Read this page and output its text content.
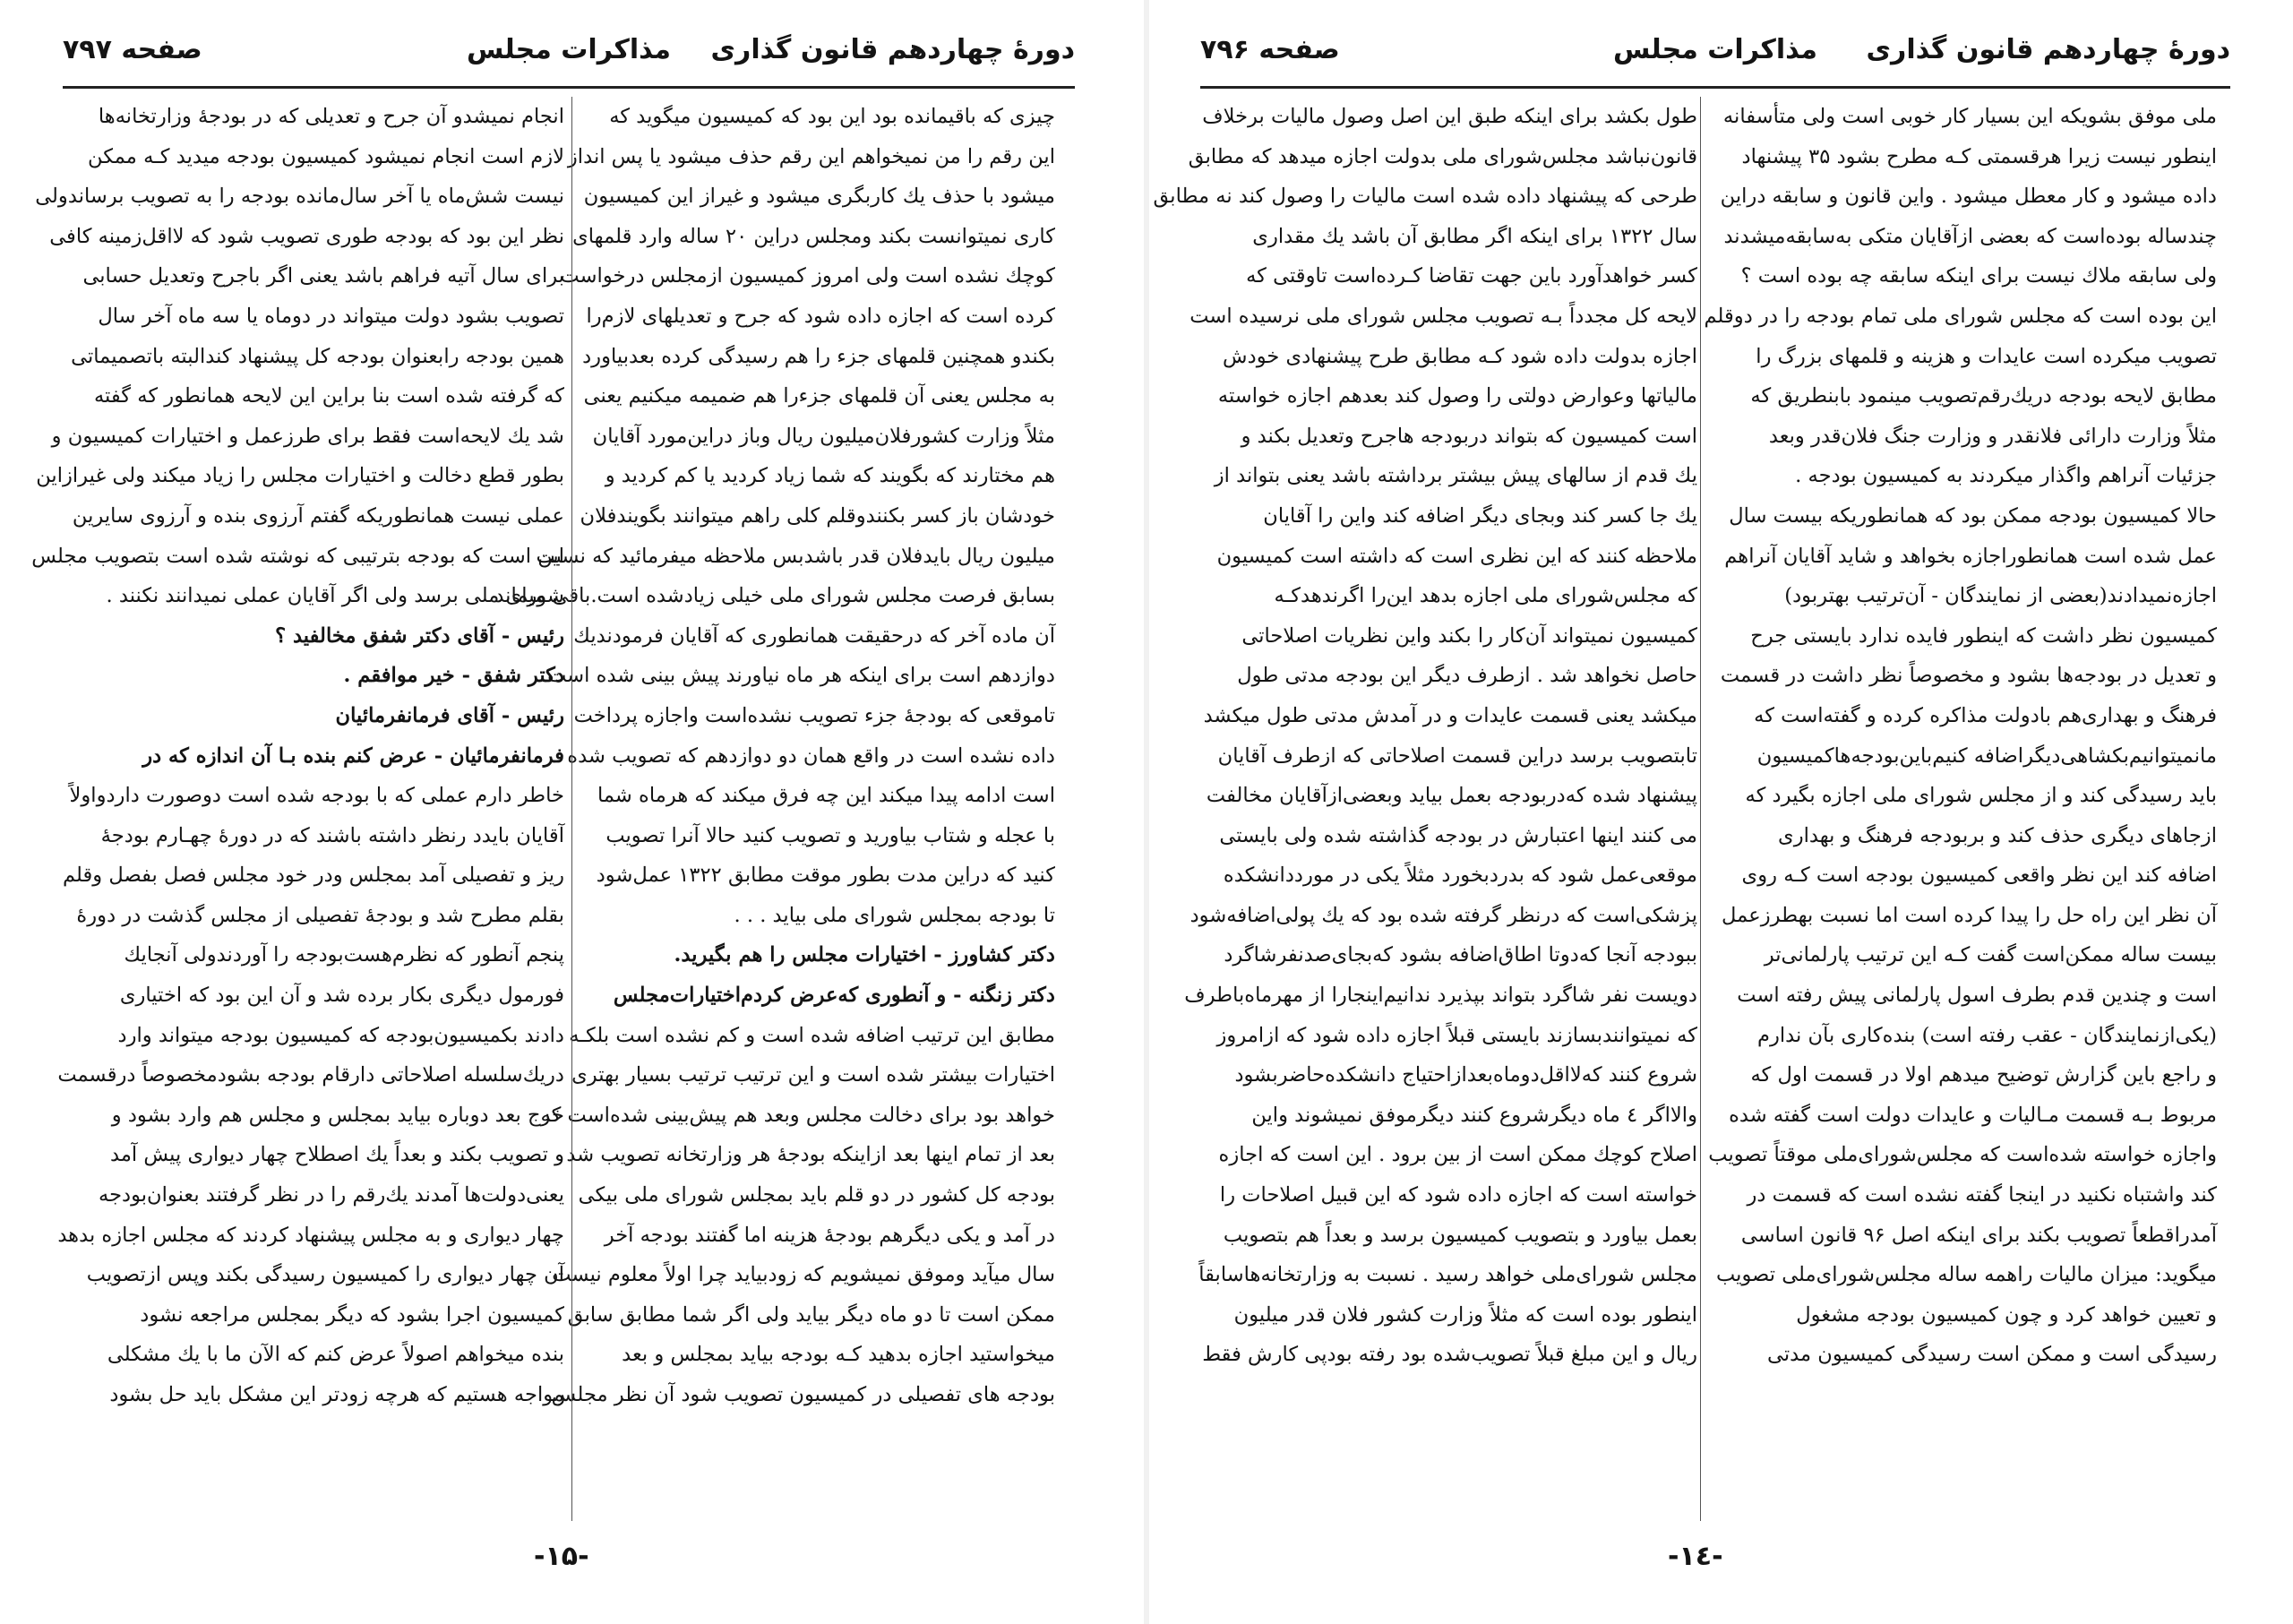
دورهٔ چهاردهم قانون گذاری
مذاکرات مجلس
صفحه ۷۹۷
چیزی که باقیمانده بود این بود که کمیسیون میگوید که
این رقم را من نمیخواهم این رقم حذف میشود یا پس انداز
میشود با حذف یك کاربگری میشود و غیراز این کمیسیون
کاری نمیتوانست بکند ومجلس دراین ۲۰ ساله وارد قلمهای
کوچك نشده است ولی امروز کمیسیون ازمجلس درخواست
کرده است که اجازه داده شود که جرح و تعدیلهای لازم‌را
بکندو همچنین قلمهای جزء را هم رسیدگی کرده بعدبیاورد
به مجلس یعنی آن قلمهای جزءرا هم ضمیمه میکنیم یعنی
مثلاً وزارت کشورفلان‌میلیون ریال وباز دراین‌مورد آقایان
هم مختارند که بگویند که شما زیاد کردید یا کم کردید و
خودشان باز کسر بکنندوقلم کلی راهم میتوانند بگویندفلان
میلیون ریال بایدفلان قدر باشدبس ملاحظه میفرمائید که نسبت
بسابق فرصت مجلس شورای ملی خیلی زیادشده است.باقی میماند
آن ماده آخر که درحقیقت همانطوری که آقایان فرمودندیك
دوازدهم است برای اینکه هر ماه نیاورند پیش بینی شده است
تاموقعی که بودجهٔ جزء تصویب نشده‌است واجازه‌ پرداخت
داده نشده است در واقع همان دو دوازدهم که تصویب شده
است ادامه پیدا میکند این چه فرق میکند که هرماه شما
با عجله و شتاب بیاورید و تصویب کنید حالا آنرا تصویب
کنید که دراین مدت بطور موقت مطابق ۱۳۲۲ عمل‌شود
تا بودجه بمجلس شورای ملی بیاید . . .
دکتر کشاورز - اختیارات مجلس را هم بگیرید.
دکتر زنگنه - و آنطوری که‌عرض کردم‌اختیارات‌مجلس
مطابق این ترتیب اضافه شده است و کم نشده است بلکـه
اختیارات بیشتر شده است و این ترتیب ترتیب بسیار بهتری
خواهد بود برای دخالت مجلس وبعد هم پیش‌بینی شده‌است که
بعد از تمام اینها بعد ازاینکه بودجهٔ هر وزارتخانه تصویب شد
بودجه کل کشور در دو قلم باید بمجلس شورای ملی بیکی
در آمد و یکی دیگرهم بودجهٔ هزینه اما گفتند بودجه آخر
سال میآید وموفق نمیشویم که زودبیاید چرا اولاً معلوم نیست
ممکن است تا دو ماه دیگر بیاید ولی اگر شما مطابق سابق
میخواستید اجازه بدهید کـه بودجه بیاید بمجلس و بعد
بودجه های تفصیلی در کمیسیون تصویب شود آن نظر مجلس
انجام نمیشدو آن جرح و تعدیلی که در بودجهٔ وزارتخانه‌ها
لازم است انجام نمیشود کمیسیون بودجه میدید کـه ممکن
نیست شش‌ماه یا آخر سال‌مانده بودجه را به تصویب برساندولی
نظر این بود که بودجه طوری تصویب شود که لااقل‌زمینه کافی
برای سال آتیه فراهم باشد یعنی اگر باجرح وتعدیل حسابی
تصویب بشود دولت میتواند در دوماه یا سه ماه آخر سال
همین بودجه رابعنوان بودجه کل پیشنهاد کندالبته باتصمیماتی
که گرفته شده است بنا براین این لایحه همانطور که گفته
شد یك لایحه‌است فقط برای طرزعمل و اختیارات کمیسیون و
بطور قطع دخالت و اختیارات مجلس را زیاد میکند ولی غیرازاین
عملی نیست همانطوریکه گفتم آرزوی بنده و آرزوی سایرین
این است که بودجه بترتیبی که نوشته شده است بتصویب مجلس
شورای ملی برسد ولی اگر آقایان عملی نمیدانند نکنند .
رئیس - آقای دکتر شفق مخالفید ؟
دکتر شفق - خیر موافقم .
رئیس - آقای فرمانفرمائیان
فرمانفرمائیان - عرض کنم بنده بـا آن اندازه که در
خاطر دارم عملی که با بودجه شده است دوصورت داردواولاً
آقایان بایدد رنظر داشته باشند که در دورهٔ چهـارم بودجهٔ
ریز و تفصیلی آمد بمجلس ودر خود مجلس فصل بفصل وقلم
بقلم مطرح شد و بودجهٔ تفصیلی از مجلس گذشت در دورهٔ
پنجم آنطور که نظرم‌هست‌بودجه را آوردند‌ولی آنجایك
فورمول دیگری بکار برده شد و آن این بود که اختیاری
دادند بکمیسیون‌بودجه که کمیسیون بودجه میتواند وارد
دریك‌سلسله اصلاحاتی دارقام بودجه بشودمخصوصاً درقسمت
خرج بعد دوباره بیاید بمجلس و مجلس هم وارد بشود و
و تصویب بکند و بعداً یك اصطلاح چهار دیواری پیش آمد
یعنی‌دولت‌ها آمدند یك‌رقم را در نظر گرفتند بعنوان‌بودجه
چهار دیواری و به مجلس پیشنهاد کردند که مجلس اجازه بدهد
آن چهار دیواری را کمیسیون رسیدگی بکند وپس ازتصویب
کمیسیون اجرا بشود که دیگر بمجلس مراجعه نشود
بنده میخواهم اصولاً عرض کنم که الآن ما با یك مشکلی
مواجه هستیم که هرچه زودتر این مشکل باید حل بشود
-۱۵-
دورهٔ چهاردهم قانون گذاری
مذاکرات مجلس
صفحه ۷۹۶
ملی موفق بشویکه این بسیار کار خوبی است ولی متأسفانه
اینطور نیست زیرا هرقسمتی کـه مطرح بشود ۳۵ پیشنهاد
داده میشود و کار معطل میشود . واین قانون و سابقه دراین
چندساله بوده‌است که بعضی ازآقایان متکی به‌سابقه‌میشدند
ولی سابقه ملاك نیست برای اینکه سابقه چه بوده است ؟
این بوده است که مجلس شورای ملی تمام بودجه را در دوقلم
تصویب میکرده است عایدات و هزینه و قلمهای بزرگ را
مطابق لایحه بودجه دریك‌رقم‌تصویب مینمود بابنطریق که
مثلاً وزارت دارائی فلانقدر و وزارت جنگ فلان‌قدر وبعد
جزئیات آنراهم واگذار میکردند به کمیسیون بودجه .
حالا کمیسیون بودجه ممکن بود که همانطوریکه بیست سال
عمل شده است همانطوراجازه بخواهد و شاید آقایان آنراهم
اجازه‌نمیدادند(بعضی از نمایندگان - آن‌ترتیب بهتربود)
کمیسیون نظر داشت که اینطور فایده ندارد بایستی جرح
و تعدیل در بودجه‌ها بشود و مخصوصاً نظر داشت در قسمت
فرهنگ و بهداری‌هم بادولت مذاکره کرده و گفته‌است که
مانمیتوانیم‌بکشاهی‌دیگراضافه کنیم‌باین‌بودجه‌ها‌کمیسیون
باید رسیدگی کند و از مجلس شورای ملی اجازه بگیرد که
ازجاهای دیگری حذف کند و بربودجه فرهنگ و بهداری
اضافه کند این نظر واقعی کمیسیون بودجه است کـه روی
آن نظر این راه حل را پیدا کرده است اما نسبت بهطرزعمل
بیست ساله ممکن‌است گفت کـه این ترتیب پارلمانی‌تر
است و چندین قدم بطرف اسول پارلمانی پیش رفته است
(یکی‌ازنمایندگان - عقب رفته است) بنده‌کاری بآن ندارم
و راجع باین گزارش توضیح میدهم اولا در قسمت اول که
مربوط بـه قسمت مـالیات و عایدات دولت است گفته شده
واجازه خواسته شده‌است که مجلس‌شورای‌ملی موقتاً تصویب
کند واشتباه نکنید در اینجا گفته نشده است که قسمت در
آمدراقطعاً تصویب بکند برای اینکه اصل ۹۶ قانون اساسی
میگوید: میزان مالیات راهمه ساله مجلس‌شورای‌ملی تصویب
و تعیین خواهد کرد و چون کمیسیون بودجه مشغول
رسیدگی است و ممکن است رسیدگی کمیسیون مدتی
طول بکشد برای اینکه طبق این اصل وصول مالیات برخلاف
قانون‌نباشد مجلس‌شورای ملی بدولت اجازه میدهد که مطابق
طرحی که پیشنهاد داده شده است مالیات را وصول کند نه مطابق
سال ۱۳۲۲ برای اینکه اگر مطابق آن باشد یك مقداری
کسر خواهدآورد باین جهت تقاضا کـرده‌است تاوقتی که
لایحه کل مجدداً بـه تصویب مجلس شورای ملی نرسیده است
اجازه بدولت داده شود کـه مطابق طرح پیشنهادی خودش
مالیاتها وعوارض دولتی را وصول کند بعدهم اجازه خواسته
است کمیسیون که بتواند دربودجه هاجرح وتعدیل بکند و
یك قدم از سالهای پیش بیشتر برداشته باشد یعنی بتواند از
یك جا کسر کند وبجای دیگر اضافه کند واین را آقایان
ملاحظه کنند که این نظری است که داشته است کمیسیون
که مجلس‌شورای ملی اجازه بدهد این‌را اگرندهدکـه
کمیسیون نمیتواند آن‌کار را بکند واین نظریات اصلاحاتی
حاصل نخواهد شد . ازطرف دیگر این بودجه مدتی طول
میکشد یعنی قسمت عایدات و در آمدش مدتی طول میکشد
تابتصویب برسد دراین قسمت اصلاحاتی که ازطرف آقایان
پیشنهاد شده که‌دربودجه بعمل بیاید وبعضی‌ازآقایان مخالفت
می کنند اینها اعتبارش در بودجه گذاشته شده ولی بایستی
موقعی‌عمل شود که بدردبخورد مثلاً یکی در مورددانشکده
پزشکی‌است که درنظر گرفته شده بود که یك پولی‌اضافه‌شود
ببودجه آنجا که‌دوتا اطاق‌اضافه بشود که‌بجای‌صدنفر‌شاگرد
دویست نفر شاگرد بتواند بپذیرد ندانیم‌اینجارا از مهرماه‌با‌طرف
که نمیتوانند‌بسازند بایستی قبلاً اجازه داده شود که ازامروز
شروع کنند که‌لااقل‌دوماه‌بعدازاحتیاج دانشکده‌حاضر‌بشود
والااگر ٤ ماه دیگرشروع کنند دیگرموفق نمیشوند واین
اصلاح کوچك ممکن است از بین برود . این است که اجازه
خواسته است که اجازه داده شود که این قبیل اصلاحات را
بعمل بیاورد و بتصویب کمیسیون برسد و بعداً هم بتصویب
مجلس شورای‌ملی خواهد رسید . نسبت به وزارتخانه‌هاسابقاً
اینطور بوده است که مثلاً وزارت کشور فلان قدر میلیون
ریال و این مبلغ قبلاً تصویب‌شده بود رفته بودپی کارش فقط
-۱٤-
